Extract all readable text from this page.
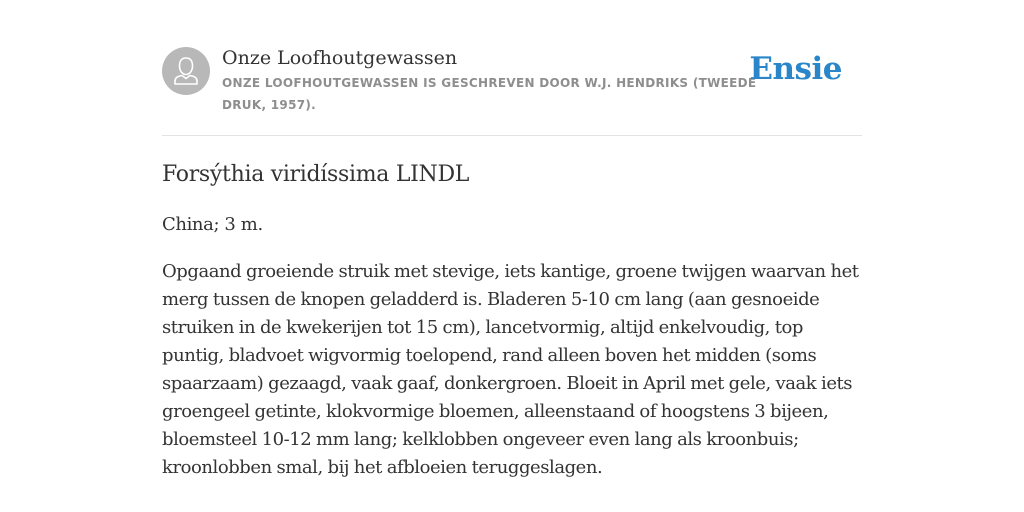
Onze Loofhoutgewassen
ONZE LOOFHOUTGEWASSEN IS GESCHREVEN DOOR W.J. HENDRIKS (TWEEDE DRUK, 1957).
Ensie
Forsýthia viridíssima LINDL

China; 3 m.

Opgaand groeiende struik met stevige, iets kantige, groene twijgen waarvan het merg tussen de knopen geladderd is. Bladeren 5-10 cm lang (aan gesnoeide struiken in de kwekerijen tot 15 cm), lancetvormig, altijd enkelvoudig, top puntig, bladvoet wigvormig toelopend, rand alleen boven het midden (soms spaarzaam) gezaagd, vaak gaaf, donkergroen. Bloeit in April met gele, vaak iets groengeel getinte, klokvormige bloemen, alleenstaand of hoogstens 3 bijeen, bloemsteel 10-12 mm lang; kelklobben ongeveer even lang als kroonbuis; kroonlobben smal, bij het afbloeien teruggeslagen.
